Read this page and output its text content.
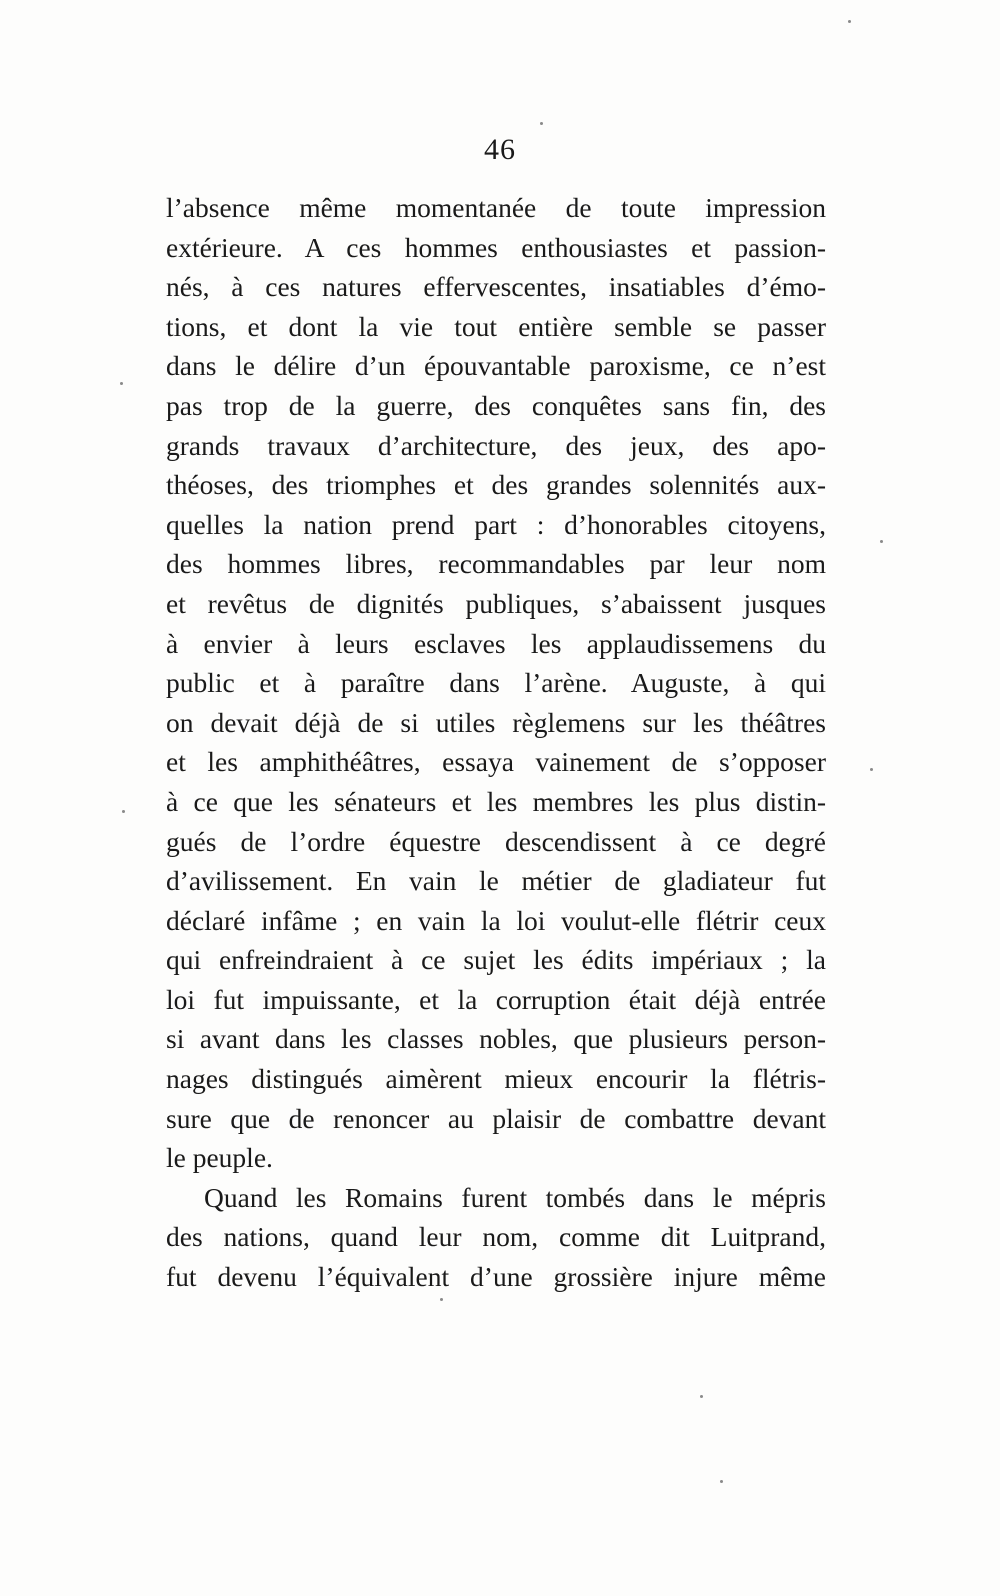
46
l’absence même momentanée de toute impression
extérieure. A ces hommes enthousiastes et passion-
nés, à ces natures effervescentes, insatiables d’émo-
tions, et dont la vie tout entière semble se passer
dans le délire d’un épouvantable paroxisme, ce n’est
pas trop de la guerre, des conquêtes sans fin, des
grands travaux d’architecture, des jeux, des apo-
théoses, des triomphes et des grandes solennités aux-
quelles la nation prend part : d’honorables citoyens,
des hommes libres, recommandables par leur nom
et revêtus de dignités publiques, s’abaissent jusques
à envier à leurs esclaves les applaudissemens du
public et à paraître dans l’arène. Auguste, à qui
on devait déjà de si utiles règlemens sur les théâtres
et les amphithéâtres, essaya vainement de s’opposer
à ce que les sénateurs et les membres les plus distin-
gués de l’ordre équestre descendissent à ce degré
d’avilissement. En vain le métier de gladiateur fut
déclaré infâme ; en vain la loi voulut-elle flétrir ceux
qui enfreindraient à ce sujet les édits impériaux ; la
loi fut impuissante, et la corruption était déjà entrée
si avant dans les classes nobles, que plusieurs person-
nages distingués aimèrent mieux encourir la flétris-
sure que de renoncer au plaisir de combattre devant
le peuple.
Quand les Romains furent tombés dans le mépris
des nations, quand leur nom, comme dit Luitprand,
fut devenu l’équivalent d’une grossière injure même
